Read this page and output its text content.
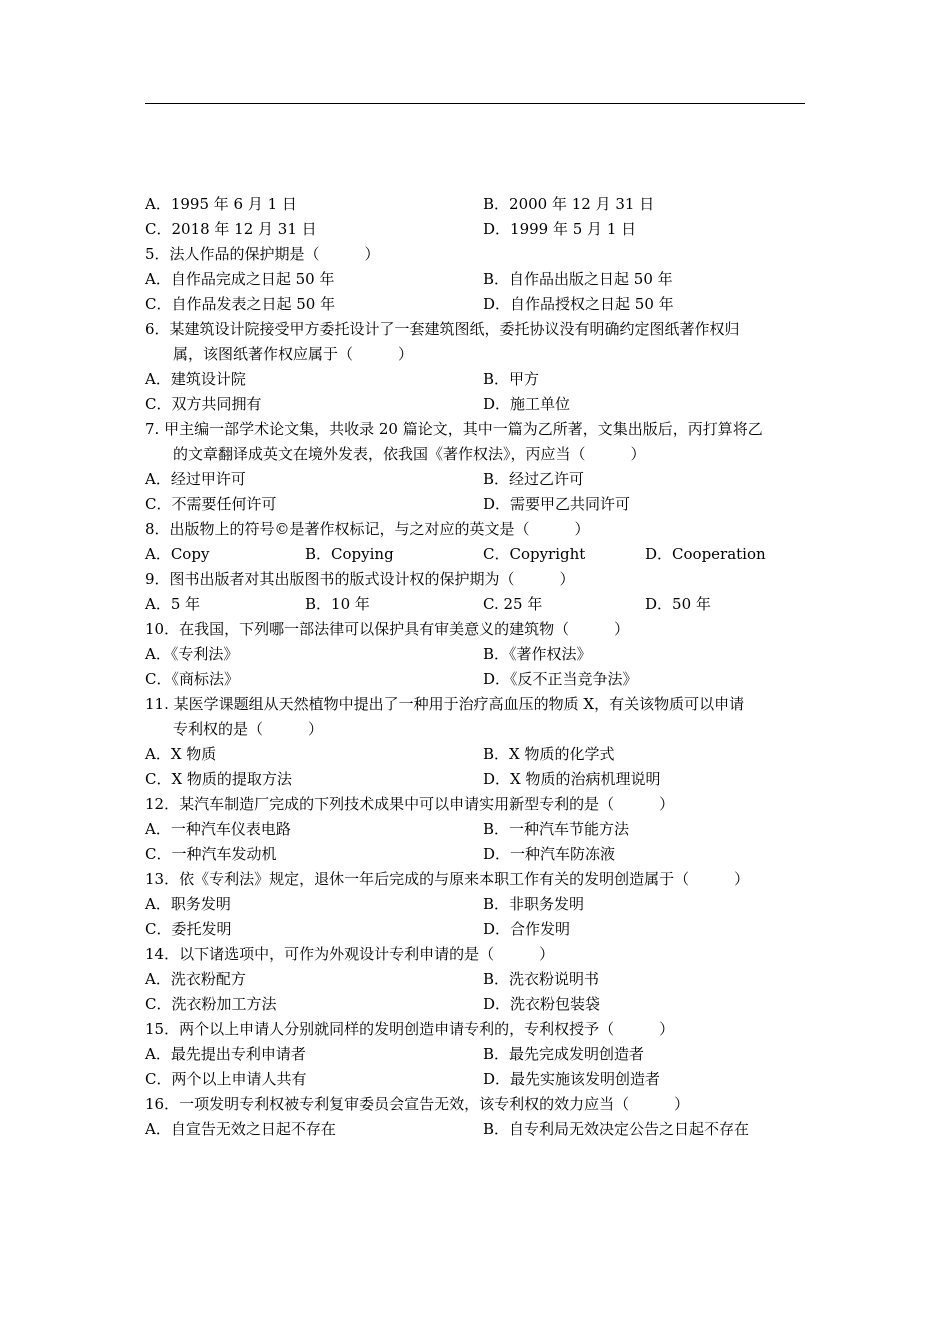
A．1995 年 6 月 1 日	B．2000 年 12 月 31 日
C．2018 年 12 月 31 日	D．1999 年 5 月 1 日
5．法人作品的保护期是（　　　）
A．自作品完成之日起 50 年	B．自作品出版之日起 50 年
C．自作品发表之日起 50 年	D．自作品授权之日起 50 年
6．某建筑设计院接受甲方委托设计了一套建筑图纸，委托协议没有明确约定图纸著作权归
属，该图纸著作权应属于（　　　）
A．建筑设计院	B．甲方
C．双方共同拥有	D．施工单位
7. 甲主编一部学术论文集，共收录 20 篇论文，其中一篇为乙所著，文集出版后，丙打算将乙
的文章翻译成英文在境外发表，依我国《著作权法》，丙应当（　　　）
A．经过甲许可	B．经过乙许可
C．不需要任何许可	D．需要甲乙共同许可
8．出版物上的符号©是著作权标记，与之对应的英文是（　　　）
A．Copy	B．Copying	C．Copyright	D．Cooperation
9．图书出版者对其出版图书的版式设计权的保护期为（　　　）
A．5 年	B．10 年	C. 25 年	D．50 年
10．在我国，下列哪一部法律可以保护具有审美意义的建筑物（　　　）
A．《专利法》	B．《著作权法》
C．《商标法》	D．《反不正当竞争法》
11. 某医学课题组从天然植物中提出了一种用于治疗高血压的物质 X，有关该物质可以申请
专利权的是（　　　）
A．X 物质	B．X 物质的化学式
C．X 物质的提取方法	D．X 物质的治病机理说明
12．某汽车制造厂完成的下列技术成果中可以申请实用新型专利的是（　　　）
A．一种汽车仪表电路	B．一种汽车节能方法
C．一种汽车发动机	D．一种汽车防冻液
13．依《专利法》规定，退休一年后完成的与原来本职工作有关的发明创造属于（　　　）
A．职务发明	B．非职务发明
C．委托发明	D．合作发明
14．以下诸选项中，可作为外观设计专利申请的是（　　　）
A．洗衣粉配方	B．洗衣粉说明书
C．洗衣粉加工方法	D．洗衣粉包装袋
15．两个以上申请人分别就同样的发明创造申请专利的，专利权授予（　　　）
A．最先提出专利申请者	B．最先完成发明创造者
C．两个以上申请人共有	D．最先实施该发明创造者
16．一项发明专利权被专利复审委员会宣告无效，该专利权的效力应当（　　　）
A．自宣告无效之日起不存在	B．自专利局无效决定公告之日起不存在
